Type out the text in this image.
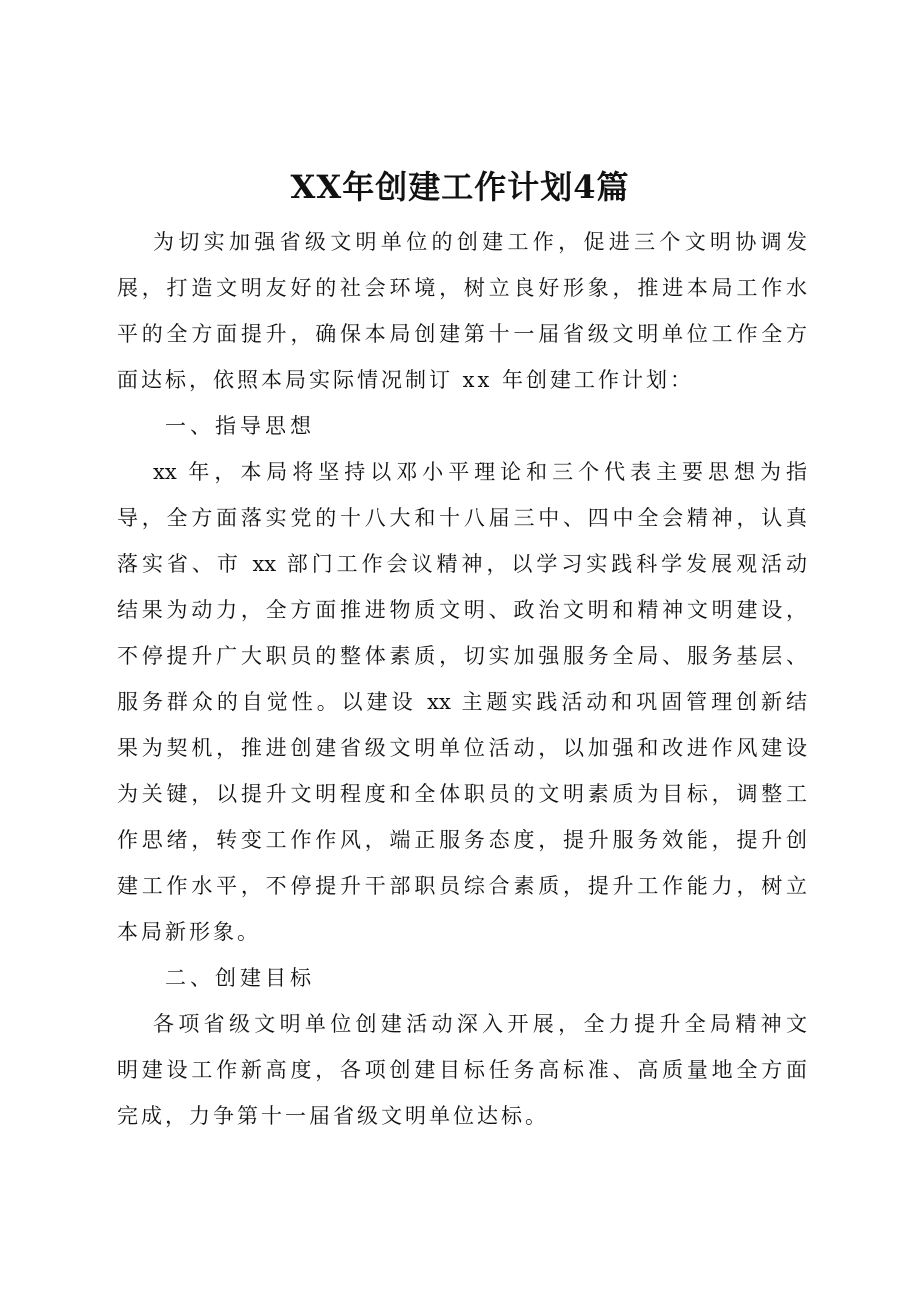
XX年创建工作计划4篇
为切实加强省级文明单位的创建工作，促进三个文明协调发
展，打造文明友好的社会环境，树立良好形象，推进本局工作水
平的全方面提升，确保本局创建第十一届省级文明单位工作全方
面达标，依照本局实际情况制订 xx 年创建工作计划：
一、指导思想
xx 年，本局将坚持以邓小平理论和三个代表主要思想为指
导，全方面落实党的十八大和十八届三中、四中全会精神，认真
落实省、市 xx 部门工作会议精神，以学习实践科学发展观活动
结果为动力，全方面推进物质文明、政治文明和精神文明建设，
不停提升广大职员的整体素质，切实加强服务全局、服务基层、
服务群众的自觉性。以建设 xx 主题实践活动和巩固管理创新结
果为契机，推进创建省级文明单位活动，以加强和改进作风建设
为关键，以提升文明程度和全体职员的文明素质为目标，调整工
作思绪，转变工作作风，端正服务态度，提升服务效能，提升创
建工作水平，不停提升干部职员综合素质，提升工作能力，树立
本局新形象。
二、创建目标
各项省级文明单位创建活动深入开展，全力提升全局精神文
明建设工作新高度，各项创建目标任务高标准、高质量地全方面
完成，力争第十一届省级文明单位达标。
